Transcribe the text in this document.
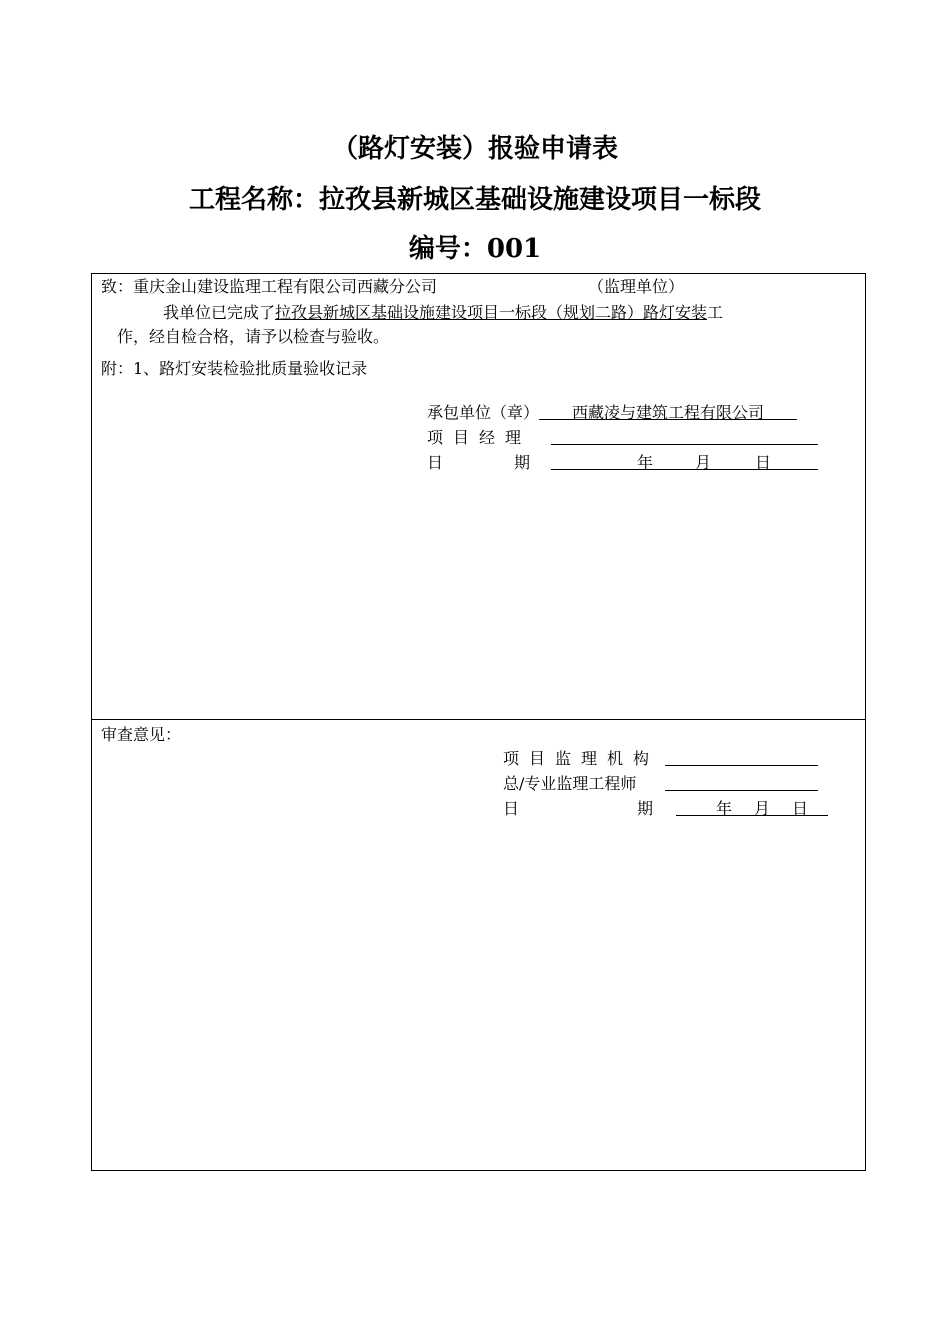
（路灯安装）报验申请表
工程名称：拉孜县新城区基础设施建设项目一标段
编号：001
致：重庆金山建设监理工程有限公司西藏分公司	（监理单位）
我单位已完成了拉孜县新城区基础设施建设项目一标段（规划二路）路灯安装工
作，经自检合格，请予以检查与验收。
附：1、路灯安装检验批质量验收记录
承包单位（章） 西藏凌与建筑工程有限公司
项目经理
日	期	年	月	日
审查意见：
项目监理机构
总/专业监理工程师
日	期	年 月 日
